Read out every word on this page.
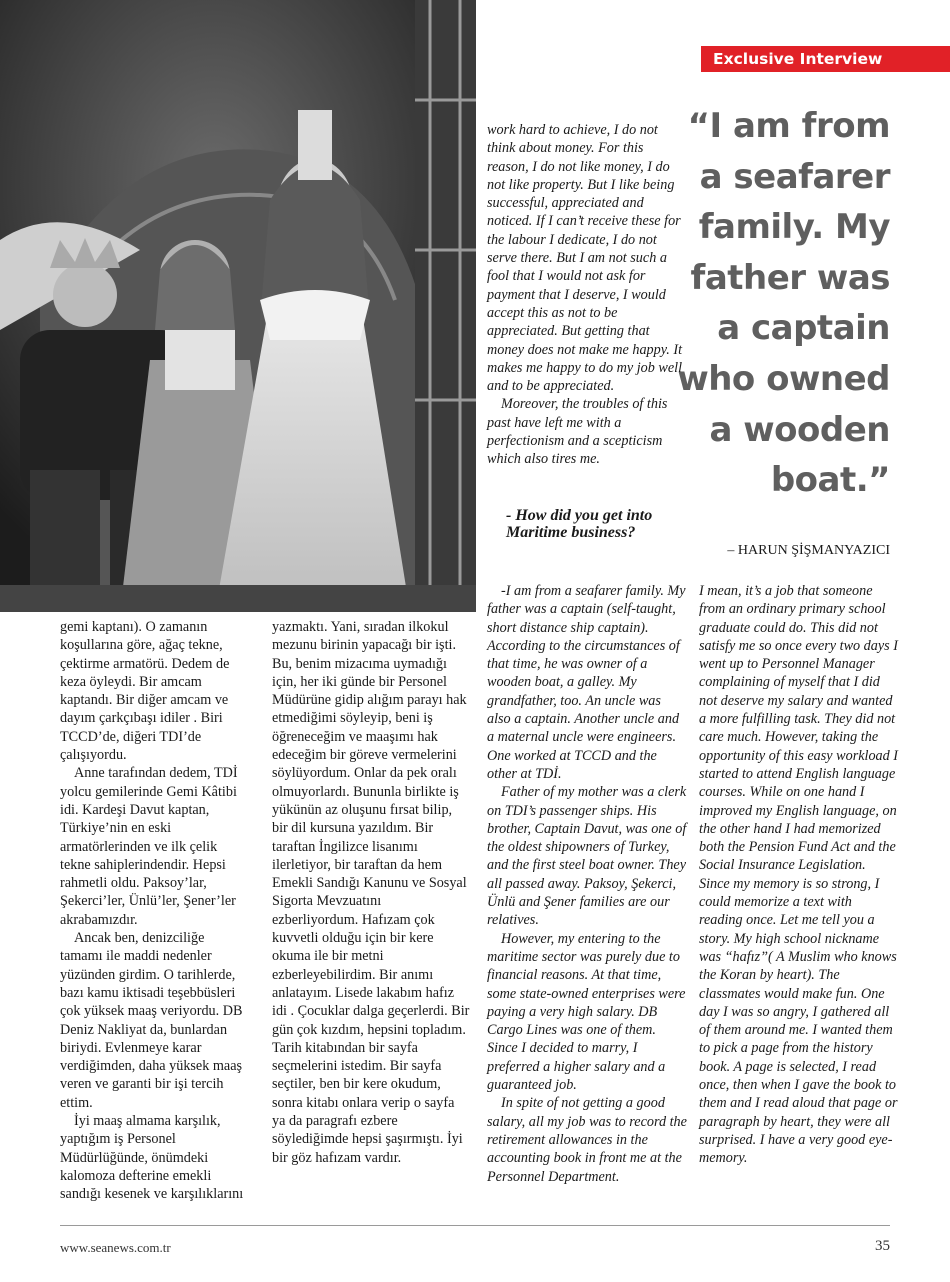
Exclusive Interview
“I am from
a seafarer
family. My
father was
a captain
who owned
a wooden
boat.”
– HARUN ŞİŞMANYAZICI

work hard to achieve, I do not think about money. For this reason, I do not like money, I do not like property. But I like being successful, appreciated and noticed. If I can’t receive these for the labour I dedicate, I do not serve there. But I am not such a fool that I would not ask for payment that I deserve, I would accept this as not to be appreciated. But getting that money does not make me happy. It makes me happy to do my job well and to be appreciated.

Moreover, the troubles of this past have left me with a perfectionism and a scepticism which also tires me.

- How did you get into Maritime business?

gemi kaptanı). O zamanın koşullarına göre, ağaç tekne, çektirme armatörü. Dedem de keza öyleydi. Bir amcam kaptandı. Bir diğer amcam ve dayım çarkçıbaşı idiler . Biri TCCD’de, diğeri TDI’de çalışıyordu.

Anne tarafından dedem, TDİ yolcu gemilerinde Gemi Kâtibi idi. Kardeşi Davut kaptan, Türkiye’nin en eski armatörlerinden ve ilk çelik tekne sahiplerindendir. Hepsi rahmetli oldu. Paksoy’lar, Şekerci’ler, Ünlü’ler, Şener’ler akrabamızdır.

Ancak ben, denizciliğe tamamı ile maddi nedenler yüzünden girdim. O tarihlerde, bazı kamu iktisadi teşebbüsleri çok yüksek maaş veriyordu. DB Deniz Nakliyat da, bunlardan biriydi. Evlenmeye karar verdiğimden, daha yüksek maaş veren ve garanti bir işi tercih ettim.

İyi maaş almama karşılık, yaptığım iş Personel Müdürlüğünde, önümdeki kalomoza defterine emekli sandığı kesenek ve karşılıklarını

yazmaktı. Yani, sıradan ilkokul mezunu birinin yapacağı bir işti. Bu, benim mizacıma uymadığı için, her iki günde bir Personel Müdürüne gidip alığım parayı hak etmediğimi söyleyip, beni iş öğreneceğim ve maaşımı hak edeceğim bir göreve vermelerini söylüyordum. Onlar da pek oralı olmuyorlardı. Bununla birlikte iş yükünün az oluşunu fırsat bilip, bir dil kursuna yazıldım. Bir taraftan İngilizce lisanımı ilerletiyor, bir taraftan da hem Emekli Sandığı Kanunu ve Sosyal Sigorta Mevzuatını ezberliyordum. Hafızam çok kuvvetli olduğu için bir kere okuma ile bir metni ezberleyebilirdim. Bir anımı anlatayım. Lisede lakabım hafız idi . Çocuklar dalga geçerlerdi. Bir gün çok kızdım, hepsini topladım. Tarih kitabından bir sayfa seçmelerini istedim. Bir sayfa seçtiler, ben bir kere okudum, sonra kitabı onlara verip o sayfa ya da paragrafı ezbere söylediğimde hepsi şaşırmıştı. İyi bir göz hafızam vardır.

-I am from a seafarer family. My father was a captain (self-taught, short distance ship captain). According to the circumstances of that time, he was owner of a wooden boat, a galley. My grandfather, too. An uncle was also a captain. Another uncle and a maternal uncle were engineers. One worked at TCCD and the other at TDİ.

Father of my mother was a clerk on TDI’s passenger ships. His brother, Captain Davut, was one of the oldest shipowners of Turkey, and the first steel boat owner. They all passed away. Paksoy, Şekerci, Ünlü and Şener families are our relatives.

However, my entering to the maritime sector was purely due to financial reasons. At that time, some state-owned enterprises were paying a very high salary. DB Cargo Lines was one of them. Since I decided to marry, I preferred a higher salary and a guaranteed job.

In spite of not getting a good salary, all my job was to record the retirement allowances in the accounting book in front me at the Personnel Department.

I mean, it’s a job that someone from an ordinary primary school graduate could do. This did not satisfy me so once every two days I went up to Personnel Manager complaining of myself that I did not deserve my salary and wanted a more fulfilling task. They did not care much. However, taking the opportunity of this easy workload I started to attend English language courses. While on one hand I improved my English language, on the other hand I had memorized both the Pension Fund Act and the Social Insurance Legislation. Since my memory is so strong, I could memorize a text with reading once. Let me tell you a story. My high school nickname was “hafız”( A Muslim who knows the Koran by heart). The classmates would make fun. One day I was so angry, I gathered all of them around me. I wanted them to pick a page from the history book. A page is selected, I read once, then when I gave the book to them and I read aloud that page or paragraph by heart, they were all surprised. I have a very good eye-memory.

www.seanews.com.tr	35
